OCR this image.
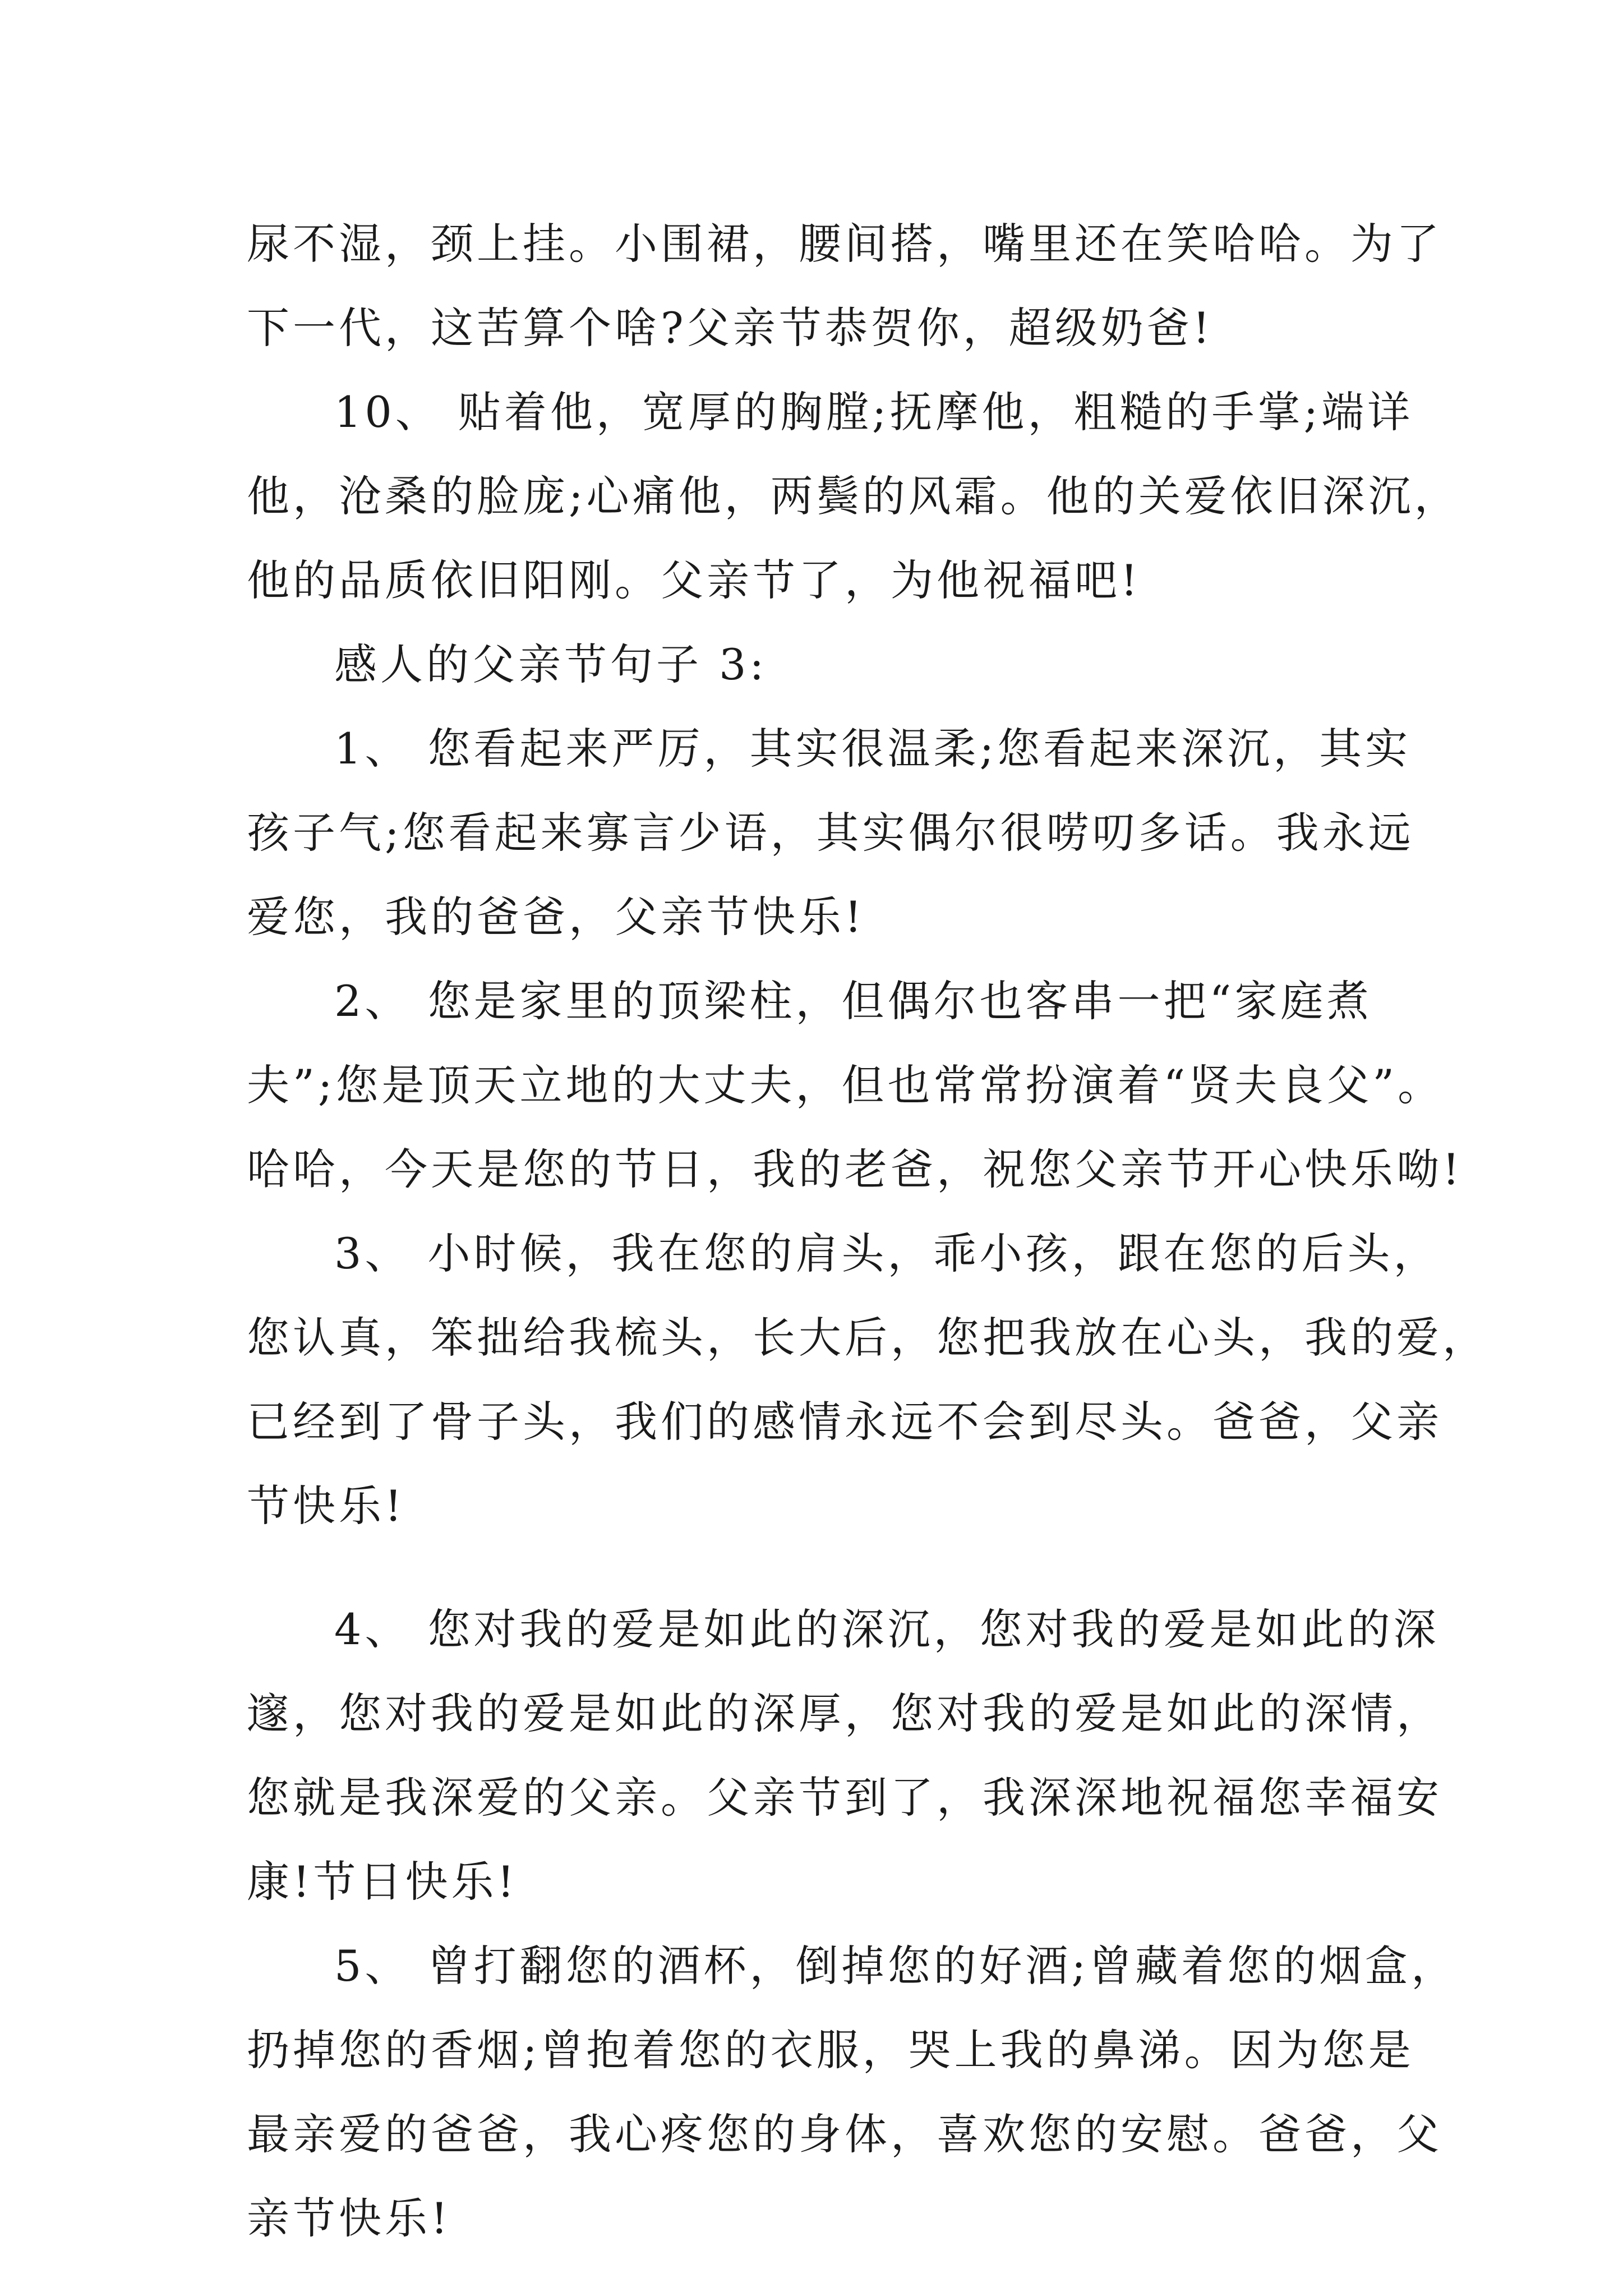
尿不湿，颈上挂。小围裙，腰间搭，嘴里还在笑哈哈。为了
下一代，这苦算个啥?父亲节恭贺你，超级奶爸!
10、 贴着他，宽厚的胸膛;抚摩他，粗糙的手掌;端详
他，沧桑的脸庞;心痛他，两鬓的风霜。他的关爱依旧深沉，
他的品质依旧阳刚。父亲节了，为他祝福吧!
感人的父亲节句子 3:
1、 您看起来严厉，其实很温柔;您看起来深沉，其实
孩子气;您看起来寡言少语，其实偶尔很唠叨多话。我永远
爱您，我的爸爸，父亲节快乐!
2、 您是家里的顶梁柱，但偶尔也客串一把“家庭煮
夫”;您是顶天立地的大丈夫，但也常常扮演着“贤夫良父”。
哈哈，今天是您的节日，我的老爸，祝您父亲节开心快乐呦!
3、 小时候，我在您的肩头，乖小孩，跟在您的后头，
您认真，笨拙给我梳头，长大后，您把我放在心头，我的爱，
已经到了骨子头，我们的感情永远不会到尽头。爸爸，父亲
节快乐!
4、 您对我的爱是如此的深沉，您对我的爱是如此的深
邃，您对我的爱是如此的深厚，您对我的爱是如此的深情，
您就是我深爱的父亲。父亲节到了，我深深地祝福您幸福安
康!节日快乐!
5、 曾打翻您的酒杯，倒掉您的好酒;曾藏着您的烟盒，
扔掉您的香烟;曾抱着您的衣服，哭上我的鼻涕。因为您是
最亲爱的爸爸，我心疼您的身体，喜欢您的安慰。爸爸，父
亲节快乐!
